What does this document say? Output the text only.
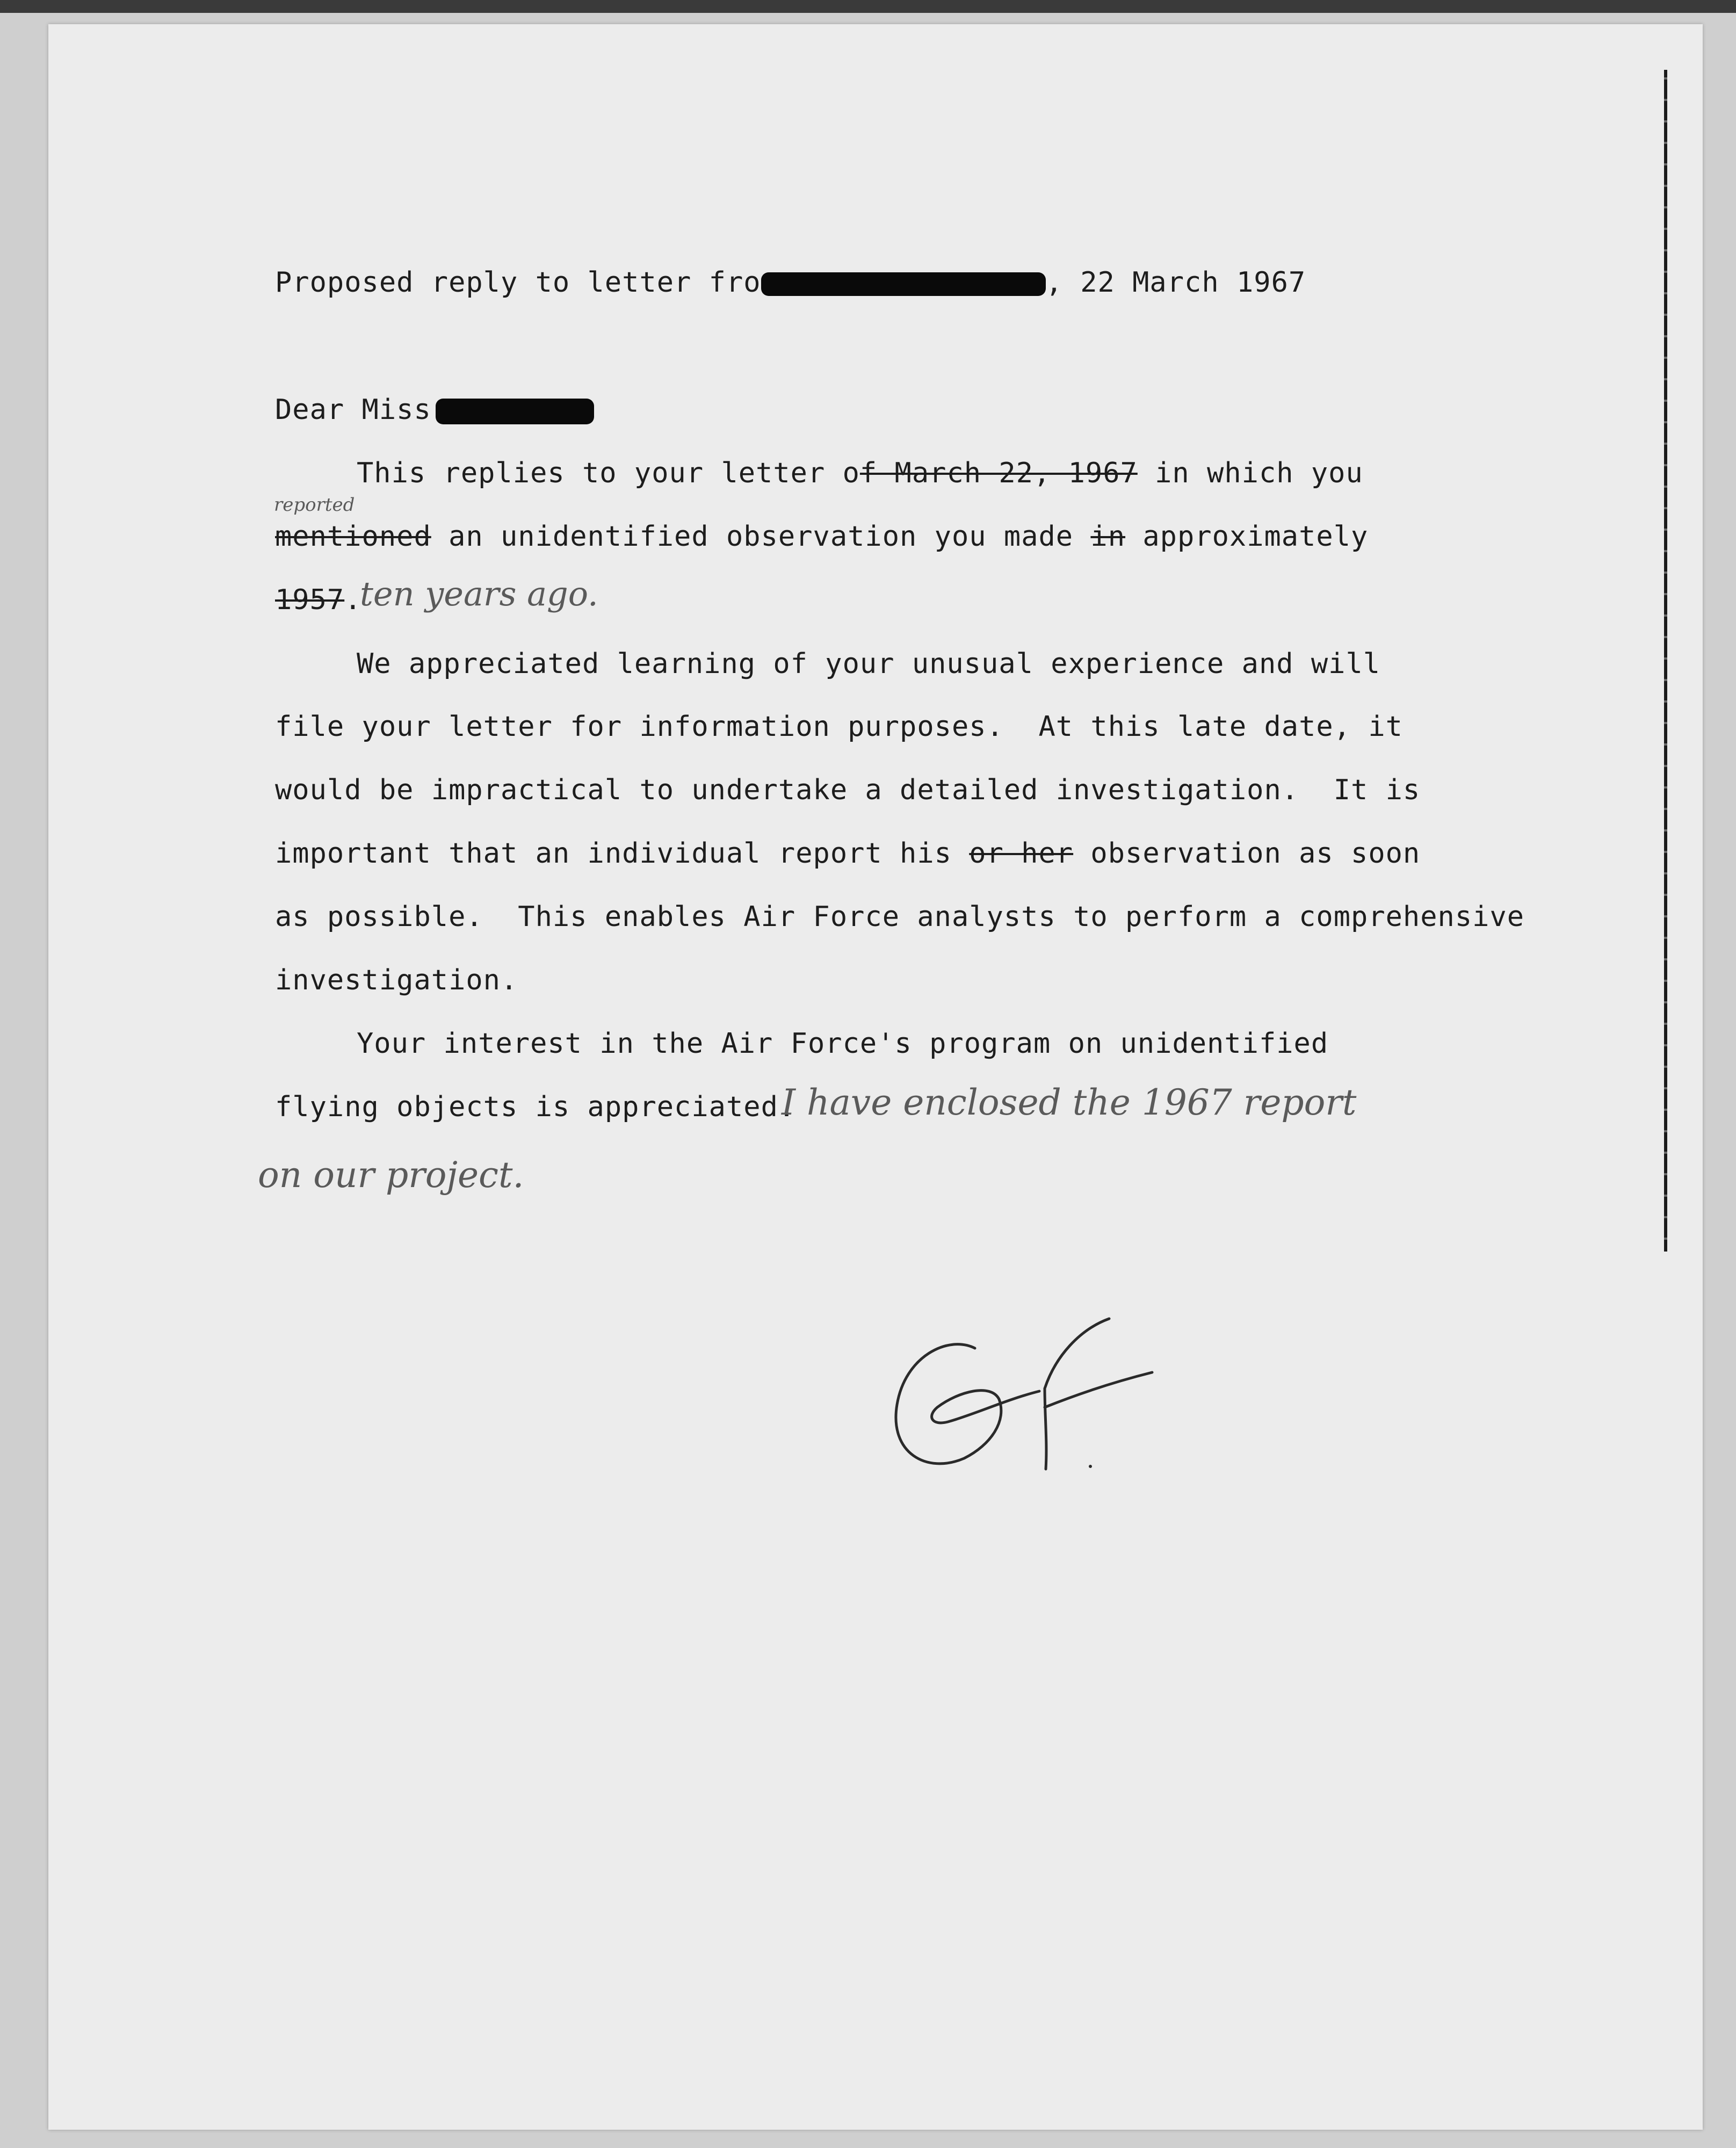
Proposed reply to letter fro	, 22 March 1967
Dear Miss
This replies to your letter of March 22, 1967 in which you
reported
mentioned an unidentified observation you made in approximately
1957.
ten years ago.
We appreciated learning of your unusual experience and will
file your letter for information purposes.  At this late date, it
would be impractical to undertake a detailed investigation.  It is
important that an individual report his or her observation as soon
as possible.  This enables Air Force analysts to perform a comprehensive
investigation.
Your interest in the Air Force's program on unidentified
flying objects is appreciated.
I have enclosed the 1967 report
on our project.
